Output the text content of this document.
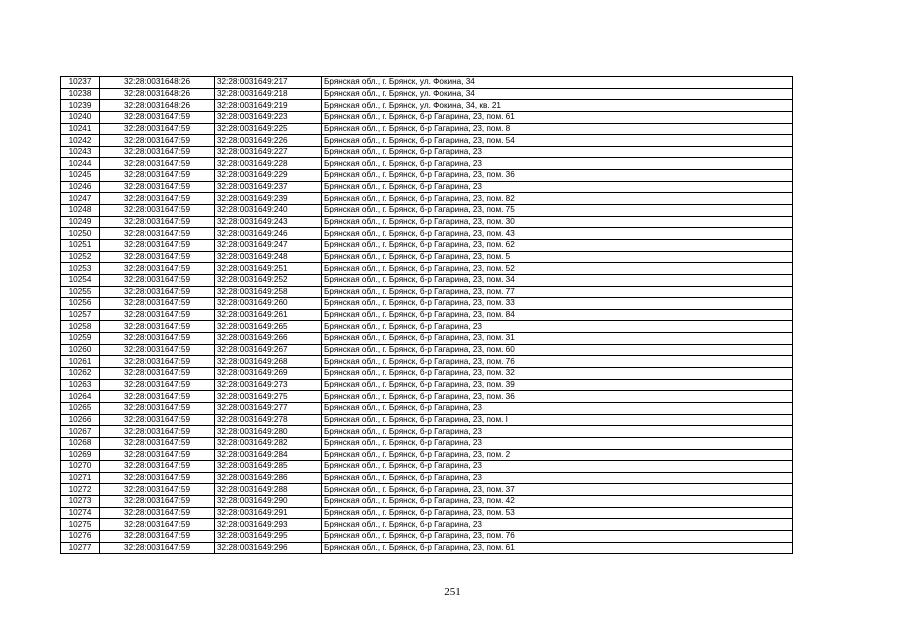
10237	32:28:0031648:26	32:28:0031649:217	Брянская обл., г. Брянск, ул. Фокина, 34
10238	32:28:0031648:26	32:28:0031649:218	Брянская обл., г. Брянск, ул. Фокина, 34
10239	32:28:0031648:26	32:28:0031649:219	Брянская обл., г. Брянск, ул. Фокина, 34, кв. 21
10240	32:28:0031647:59	32:28:0031649:223	Брянская обл., г. Брянск, б-р Гагарина, 23, пом. 61
10241	32:28:0031647:59	32:28:0031649:225	Брянская обл., г. Брянск, б-р Гагарина, 23, пом. 8
10242	32:28:0031647:59	32:28:0031649:226	Брянская обл., г. Брянск, б-р Гагарина, 23, пом. 54
10243	32:28:0031647:59	32:28:0031649:227	Брянская обл., г. Брянск, б-р Гагарина, 23
10244	32:28:0031647:59	32:28:0031649:228	Брянская обл., г. Брянск, б-р Гагарина, 23
10245	32:28:0031647:59	32:28:0031649:229	Брянская обл., г. Брянск, б-р Гагарина, 23, пом. 36
10246	32:28:0031647:59	32:28:0031649:237	Брянская обл., г. Брянск, б-р Гагарина, 23
10247	32:28:0031647:59	32:28:0031649:239	Брянская обл., г. Брянск, б-р Гагарина, 23, пом. 82
10248	32:28:0031647:59	32:28:0031649:240	Брянская обл., г. Брянск, б-р Гагарина, 23, пом. 75
10249	32:28:0031647:59	32:28:0031649:243	Брянская обл., г. Брянск, б-р Гагарина, 23, пом. 30
10250	32:28:0031647:59	32:28:0031649:246	Брянская обл., г. Брянск, б-р Гагарина, 23, пом. 43
10251	32:28:0031647:59	32:28:0031649:247	Брянская обл., г. Брянск, б-р Гагарина, 23, пом. 62
10252	32:28:0031647:59	32:28:0031649:248	Брянская обл., г. Брянск, б-р Гагарина, 23, пом. 5
10253	32:28:0031647:59	32:28:0031649:251	Брянская обл., г. Брянск, б-р Гагарина, 23, пом. 52
10254	32:28:0031647:59	32:28:0031649:252	Брянская обл., г. Брянск, б-р Гагарина, 23, пом. 34
10255	32:28:0031647:59	32:28:0031649:258	Брянская обл., г. Брянск, б-р Гагарина, 23, пом. 77
10256	32:28:0031647:59	32:28:0031649:260	Брянская обл., г. Брянск, б-р Гагарина, 23, пом. 33
10257	32:28:0031647:59	32:28:0031649:261	Брянская обл., г. Брянск, б-р Гагарина, 23, пом. 84
10258	32:28:0031647:59	32:28:0031649:265	Брянская обл., г. Брянск, б-р Гагарина, 23
10259	32:28:0031647:59	32:28:0031649:266	Брянская обл., г. Брянск, б-р Гагарина, 23, пом. 31
10260	32:28:0031647:59	32:28:0031649:267	Брянская обл., г. Брянск, б-р Гагарина, 23, пом. 60
10261	32:28:0031647:59	32:28:0031649:268	Брянская обл., г. Брянск, б-р Гагарина, 23, пом. 76
10262	32:28:0031647:59	32:28:0031649:269	Брянская обл., г. Брянск, б-р Гагарина, 23, пом. 32
10263	32:28:0031647:59	32:28:0031649:273	Брянская обл., г. Брянск, б-р Гагарина, 23, пом. 39
10264	32:28:0031647:59	32:28:0031649:275	Брянская обл., г. Брянск, б-р Гагарина, 23, пом. 36
10265	32:28:0031647:59	32:28:0031649:277	Брянская обл., г. Брянск, б-р Гагарина, 23
10266	32:28:0031647:59	32:28:0031649:278	Брянская обл., г. Брянск, б-р Гагарина, 23, пом. I
10267	32:28:0031647:59	32:28:0031649:280	Брянская обл., г. Брянск, б-р Гагарина, 23
10268	32:28:0031647:59	32:28:0031649:282	Брянская обл., г. Брянск, б-р Гагарина, 23
10269	32:28:0031647:59	32:28:0031649:284	Брянская обл., г. Брянск, б-р Гагарина, 23, пом. 2
10270	32:28:0031647:59	32:28:0031649:285	Брянская обл., г. Брянск, б-р Гагарина, 23
10271	32:28:0031647:59	32:28:0031649:286	Брянская обл., г. Брянск, б-р Гагарина, 23
10272	32:28:0031647:59	32:28:0031649:288	Брянская обл., г. Брянск, б-р Гагарина, 23, пом. 37
10273	32:28:0031647:59	32:28:0031649:290	Брянская обл., г. Брянск, б-р Гагарина, 23, пом. 42
10274	32:28:0031647:59	32:28:0031649:291	Брянская обл., г. Брянск, б-р Гагарина, 23, пом. 53
10275	32:28:0031647:59	32:28:0031649:293	Брянская обл., г. Брянск, б-р Гагарина, 23
10276	32:28:0031647:59	32:28:0031649:295	Брянская обл., г. Брянск, б-р Гагарина, 23, пом. 76
10277	32:28:0031647:59	32:28:0031649:296	Брянская обл., г. Брянск, б-р Гагарина, 23, пом. 61
251
